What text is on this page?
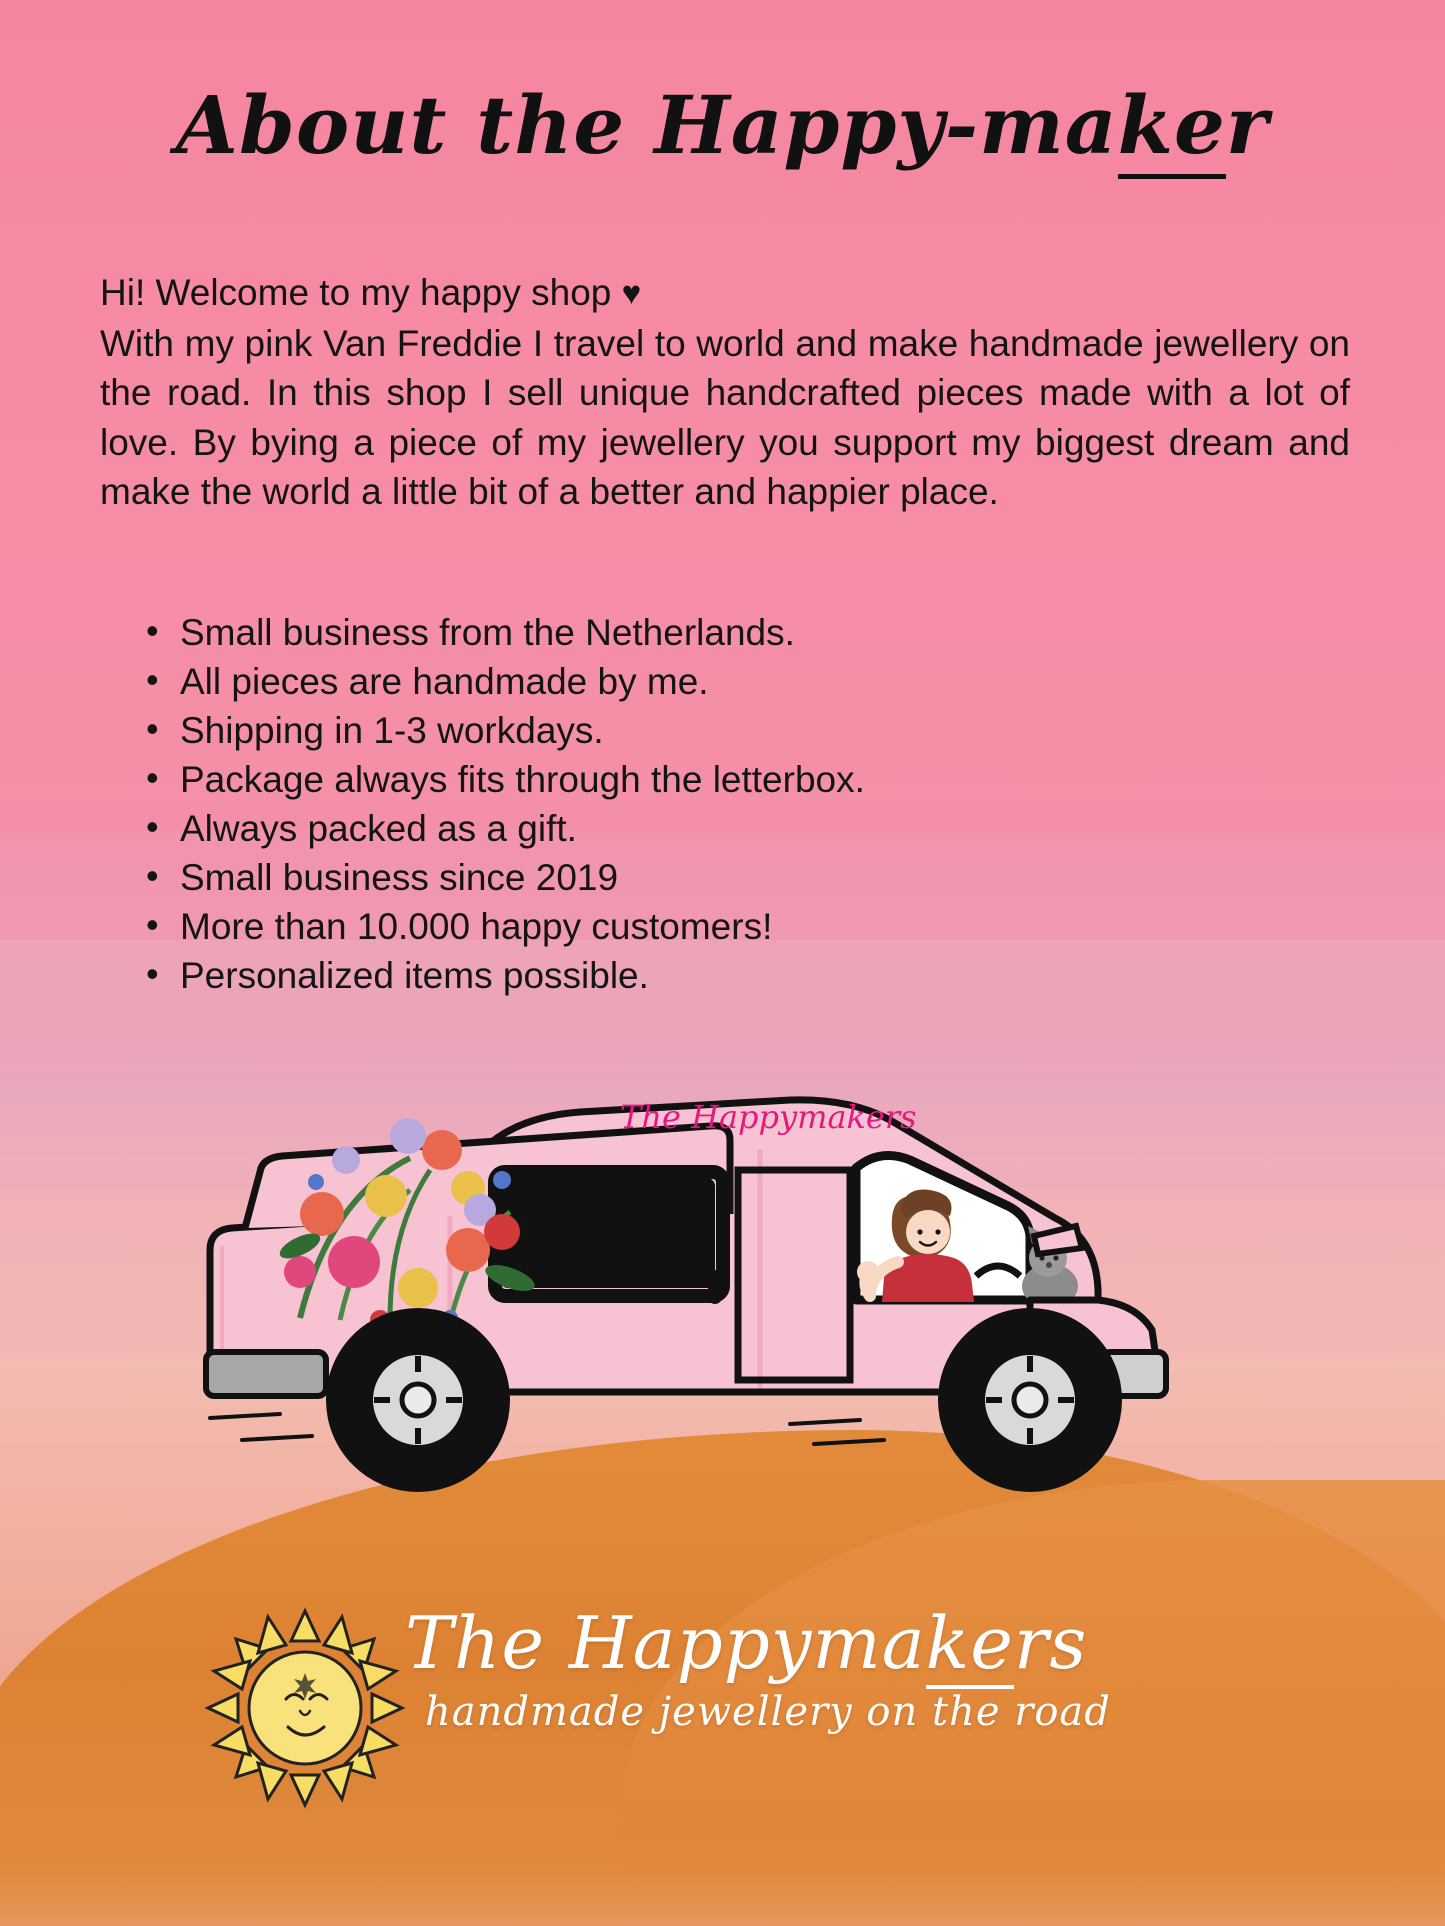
About the Happy-maker
Hi! Welcome to my happy shop ♥
With my pink Van Freddie I travel to world and make handmade jewellery on the road. In this shop I sell unique handcrafted pieces made with a lot of love. By bying a piece of my jewellery you support my biggest dream and make the world a little bit of a better and happier place.
• Small business from the Netherlands.
• All pieces are handmade by me.
• Shipping in 1-3 workdays.
• Package always fits through the letterbox.
• Always packed as a gift.
• Small business since 2019
• More than 10.000 happy customers!
• Personalized items possible.
The Happymakers
The Happymakers
handmade jewellery on the road
